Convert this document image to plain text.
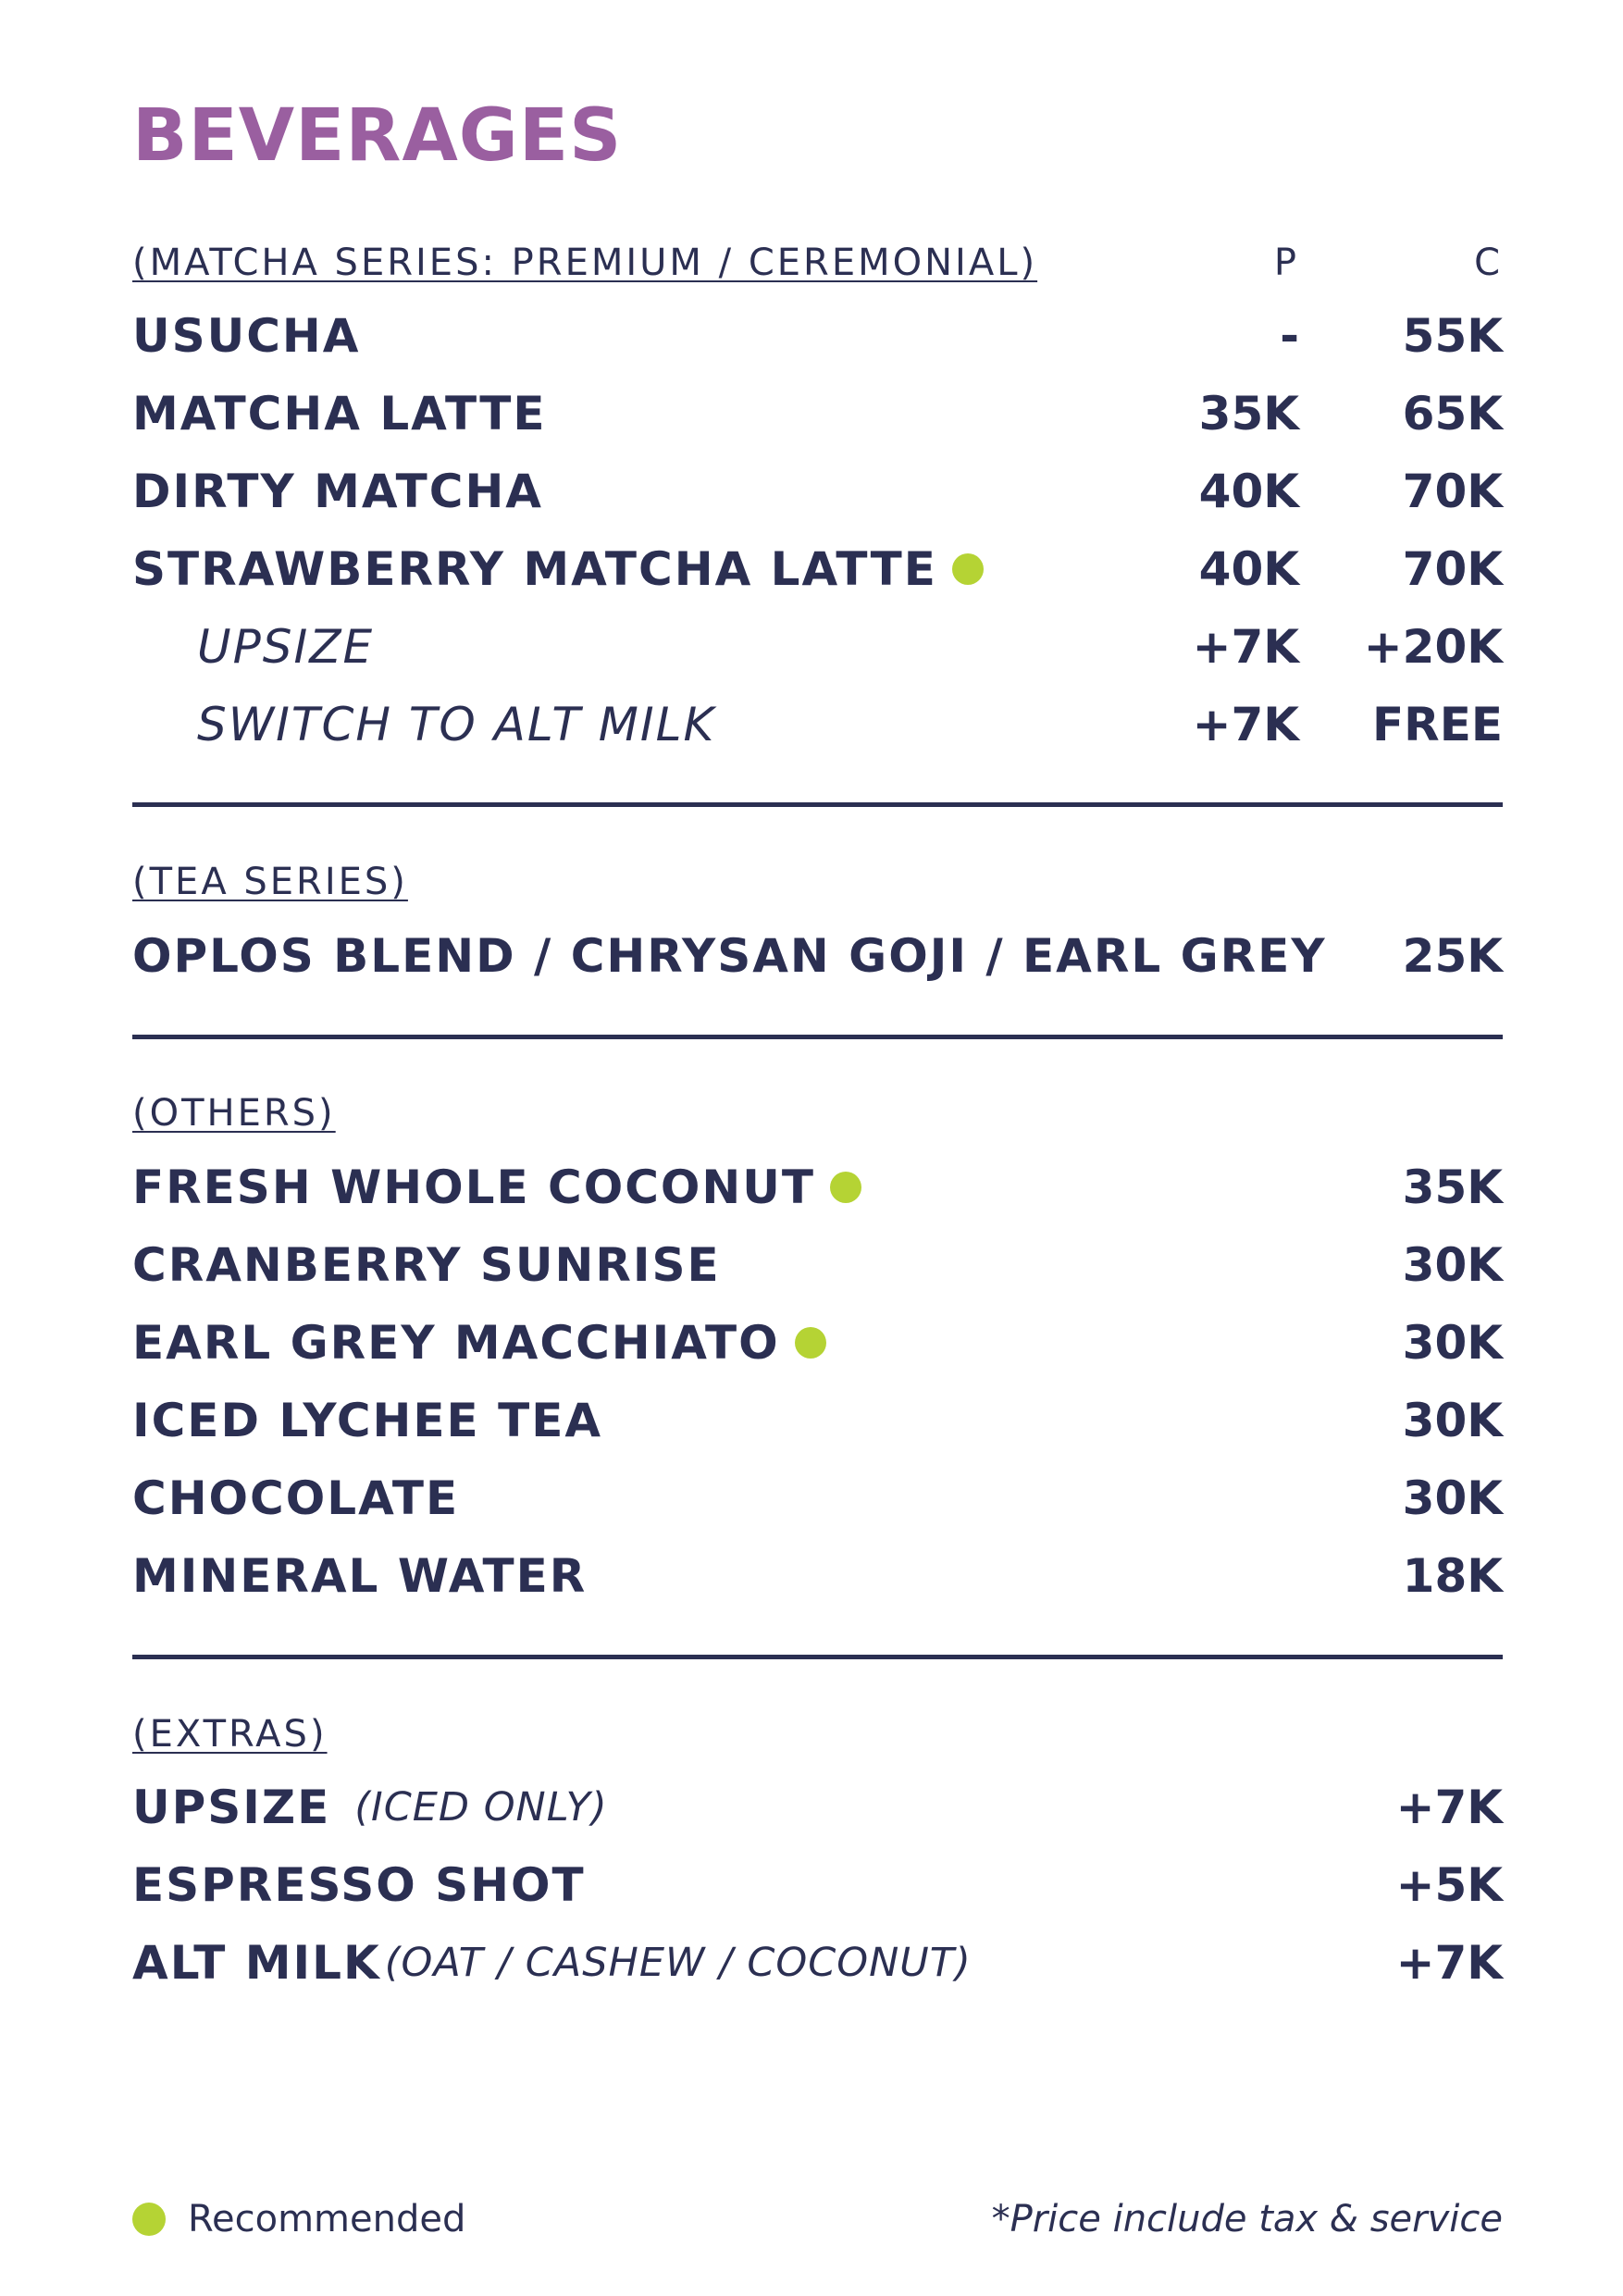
BEVERAGES
(MATCHA SERIES: PREMIUM / CEREMONIAL)	P	C
USUCHA	-	55K
MATCHA LATTE	35K	65K
DIRTY MATCHA	40K	70K
STRAWBERRY MATCHA LATTE	40K	70K
UPSIZE	+7K	+20K
SWITCH TO ALT MILK	+7K	FREE
(TEA SERIES)
OPLOS BLEND / CHRYSAN GOJI / EARL GREY	25K
(OTHERS)
FRESH WHOLE COCONUT	35K
CRANBERRY SUNRISE	30K
EARL GREY MACCHIATO	30K
ICED LYCHEE TEA	30K
CHOCOLATE	30K
MINERAL WATER	18K
(EXTRAS)
UPSIZE (ICED ONLY)	+7K
ESPRESSO SHOT	+5K
ALT MILK (OAT / CASHEW / COCONUT)	+7K
Recommended	*Price include tax & service
